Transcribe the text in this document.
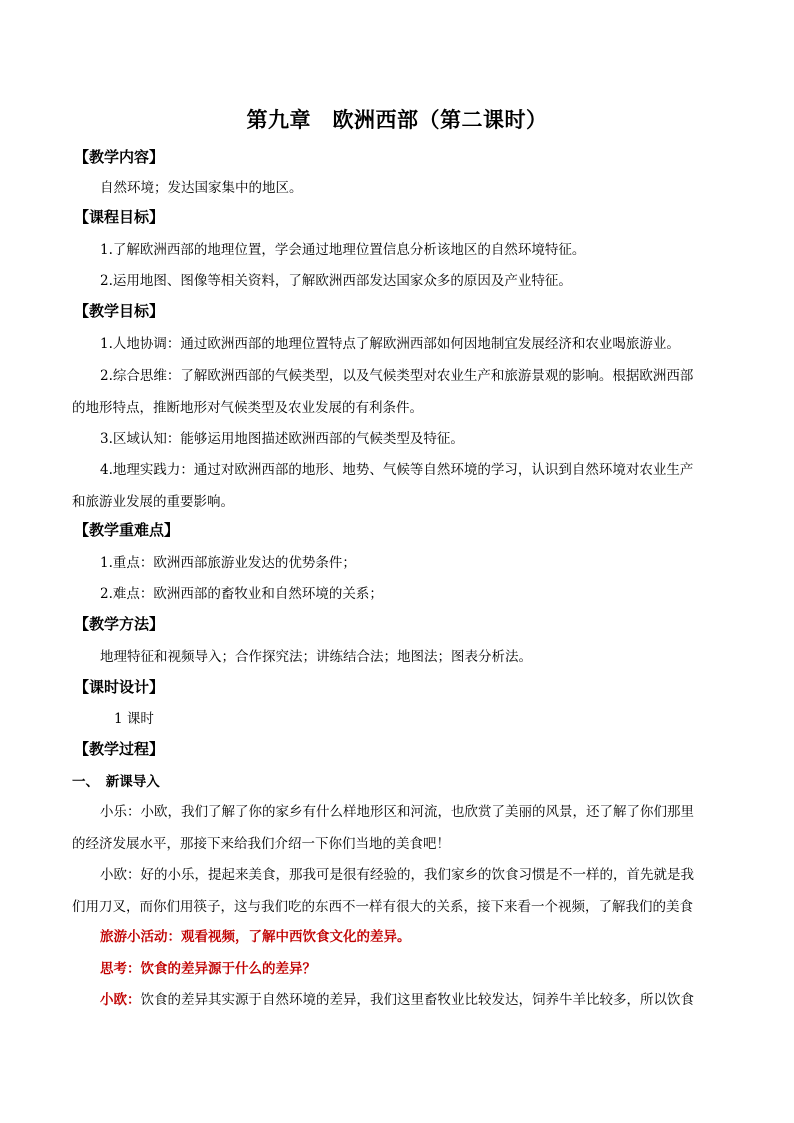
第九章　欧洲西部（第二课时）
【教学内容】
自然环境；发达国家集中的地区。
【课程目标】
1.了解欧洲西部的地理位置，学会通过地理位置信息分析该地区的自然环境特征。
2.运用地图、图像等相关资料，了解欧洲西部发达国家众多的原因及产业特征。
【教学目标】
1.人地协调：通过欧洲西部的地理位置特点了解欧洲西部如何因地制宜发展经济和农业喝旅游业。
2.综合思维：了解欧洲西部的气候类型，以及气候类型对农业生产和旅游景观的影响。根据欧洲西部
的地形特点，推断地形对气候类型及农业发展的有利条件。
3.区域认知：能够运用地图描述欧洲西部的气候类型及特征。
4.地理实践力：通过对欧洲西部的地形、地势、气候等自然环境的学习，认识到自然环境对农业生产
和旅游业发展的重要影响。
【教学重难点】
1.重点：欧洲西部旅游业发达的优势条件；
2.难点：欧洲西部的畜牧业和自然环境的关系；
【教学方法】
地理特征和视频导入；合作探究法；讲练结合法；地图法；图表分析法。
【课时设计】
1 课时
【教学过程】
一、　新课导入
小乐：小欧，我们了解了你的家乡有什么样地形区和河流，也欣赏了美丽的风景，还了解了你们那里
的经济发展水平，那接下来给我们介绍一下你们当地的美食吧！
小欧：好的小乐，提起来美食，那我可是很有经验的，我们家乡的饮食习惯是不一样的，首先就是我
们用刀叉，而你们用筷子，这与我们吃的东西不一样有很大的关系，接下来看一个视频，了解我们的美食
旅游小活动：观看视频，了解中西饮食文化的差异。
思考：饮食的差异源于什么的差异？
小欧：饮食的差异其实源于自然环境的差异，我们这里畜牧业比较发达，饲养牛羊比较多，所以饮食
